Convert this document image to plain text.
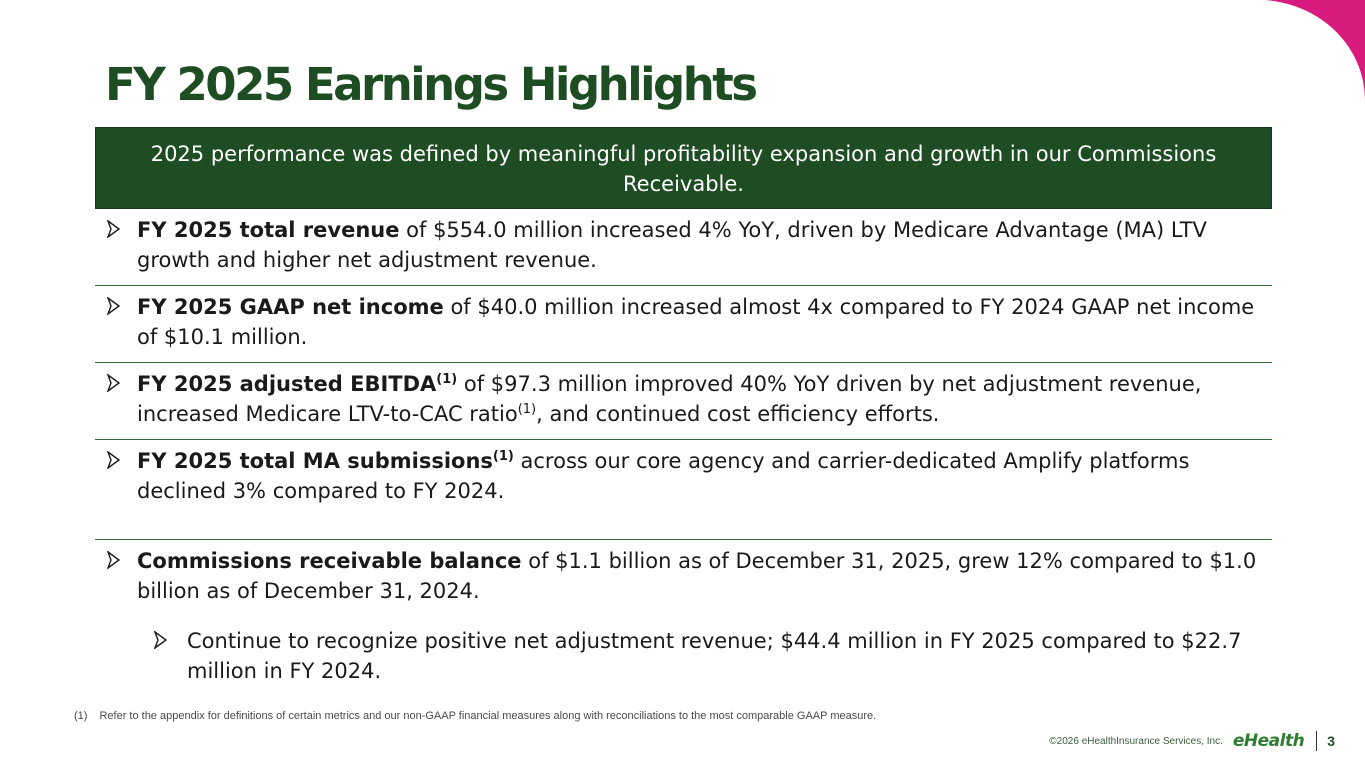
FY 2025 Earnings Highlights
2025 performance was defined by meaningful profitability expansion and growth in our Commissions Receivable.
FY 2025 total revenue of $554.0 million increased 4% YoY, driven by Medicare Advantage (MA) LTV growth and higher net adjustment revenue.
FY 2025 GAAP net income of $40.0 million increased almost 4x compared to FY 2024 GAAP net income of $10.1 million.
FY 2025 adjusted EBITDA$^{(1)}$ of $97.3 million improved 40% YoY driven by net adjustment revenue, increased Medicare LTV-to-CAC ratio$^{(1)}$, and continued cost efficiency efforts.
FY 2025 total MA submissions$^{(1)}$ across our core agency and carrier-dedicated Amplify platforms declined 3% compared to FY 2024.
Commissions receivable balance of $1.1 billion as of December 31, 2025, grew 12% compared to $1.0 billion as of December 31, 2024.
Continue to recognize positive net adjustment revenue; $44.4 million in FY 2025 compared to $22.7 million in FY 2024.
(1) Refer to the appendix for definitions of certain metrics and our non-GAAP financial measures along with reconciliations to the most comparable GAAP measure.
©2026 eHealthInsurance Services, Inc. eHealth 3
